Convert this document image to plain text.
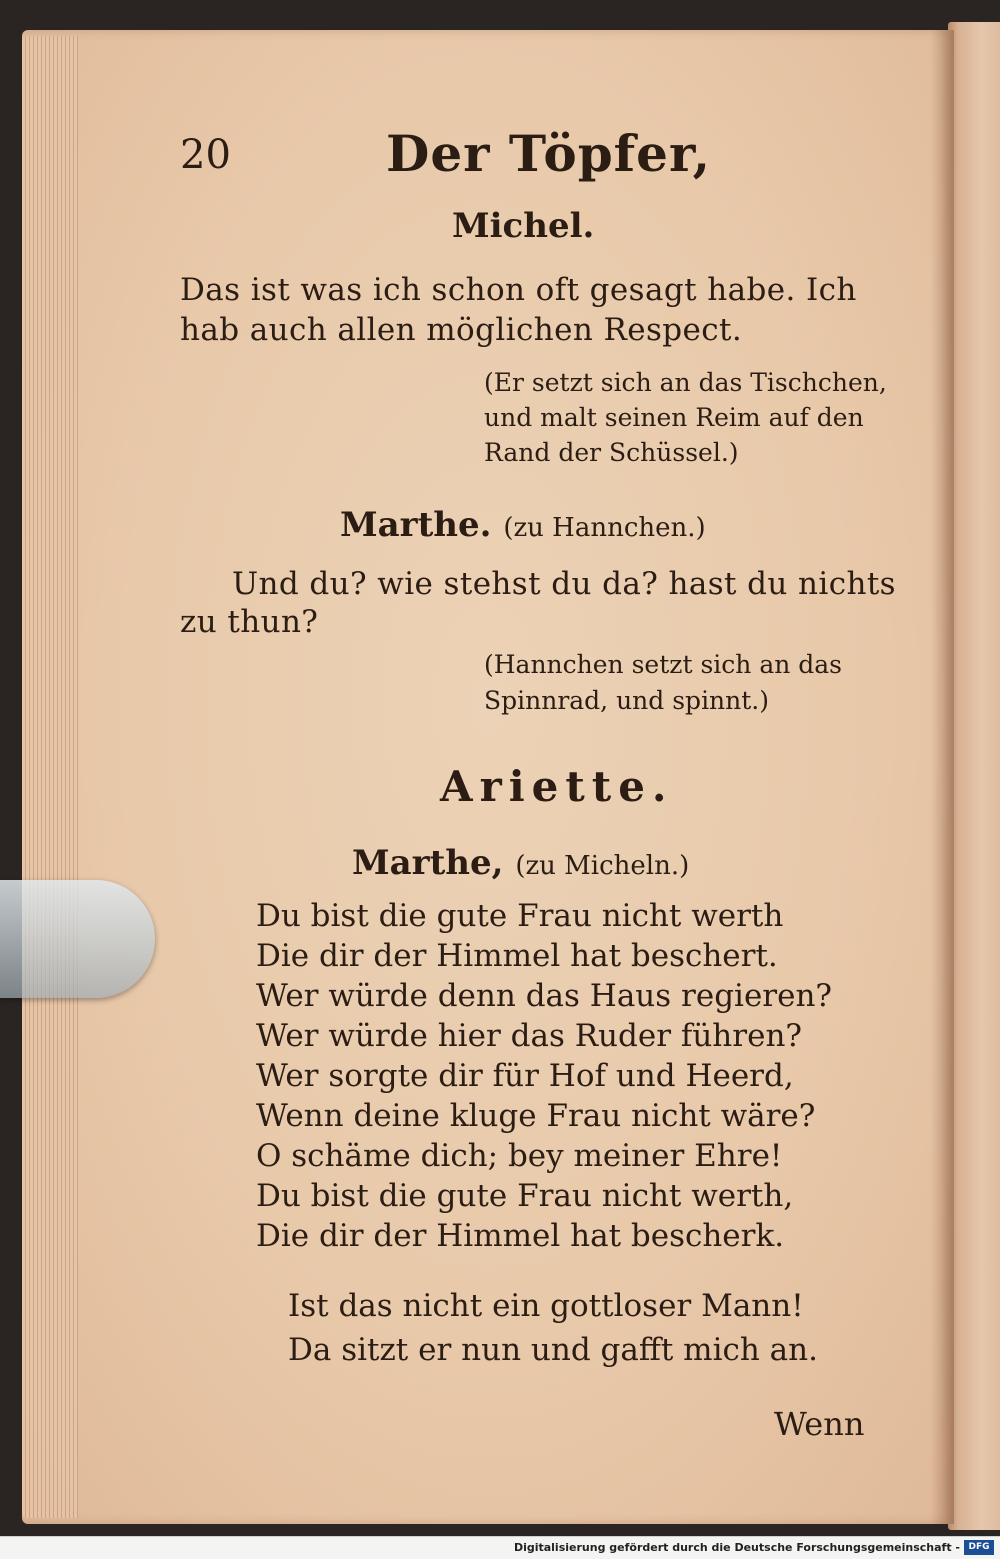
20	Der Töpfer,
Michel.
Das ist was ich schon oft gesagt habe. Ich
hab auch allen möglichen Respect.
(Er setzt sich an das Tischchen,
und malt seinen Reim auf den
Rand der Schüssel.)
Marthe. (zu Hannchen.)
Und du? wie stehst du da? hast du nichts
zu thun?
(Hannchen setzt sich an das
Spinnrad, und spinnt.)
Ariette.
Marthe, (zu Micheln.)
Du bist die gute Frau nicht werth
Die dir der Himmel hat beschert.
Wer würde denn das Haus regieren?
Wer würde hier das Ruder führen?
Wer sorgte dir für Hof und Heerd,
Wenn deine kluge Frau nicht wäre?
O schäme dich; bey meiner Ehre!
Du bist die gute Frau nicht werth,
Die dir der Himmel hat bescherk.
Ist das nicht ein gottloser Mann!
Da sitzt er nun und gafft mich an.
Wenn
Digitalisierung gefördert durch die Deutsche Forschungsgemeinschaft - DFG
